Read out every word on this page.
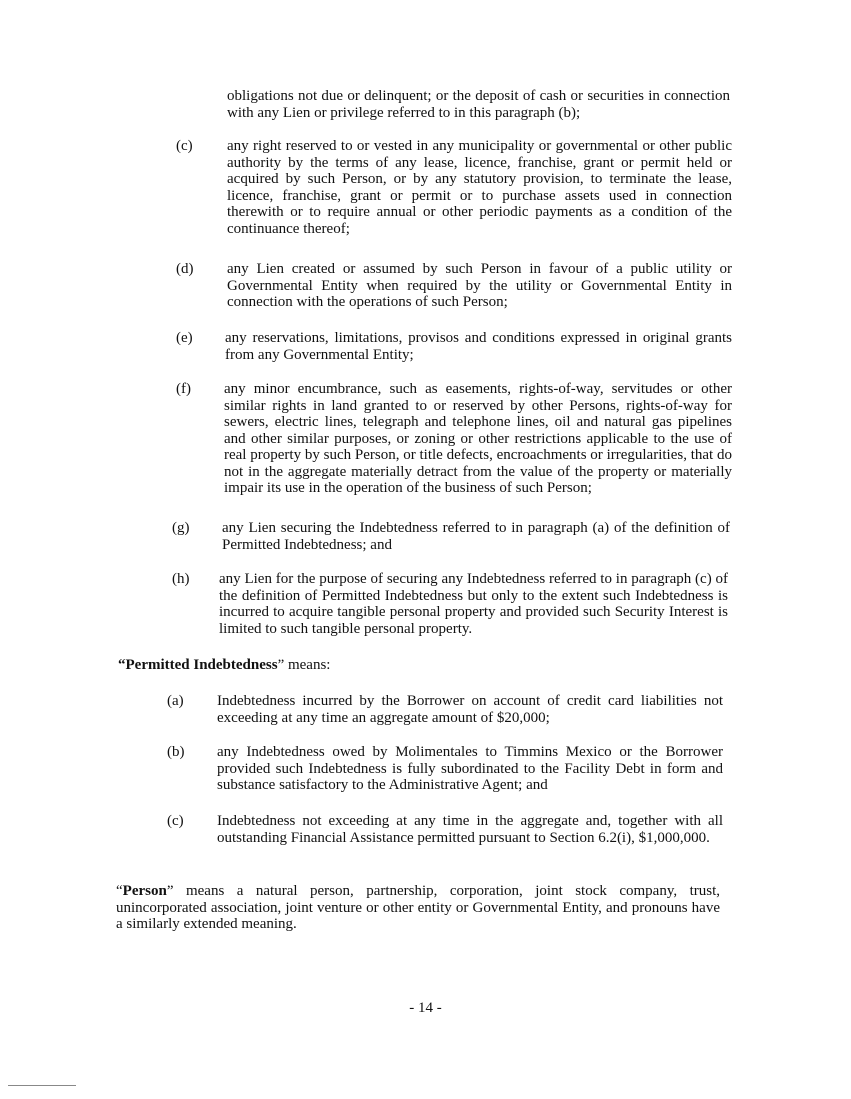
obligations not due or delinquent; or the deposit of cash or securities in connection with any Lien or privilege referred to in this paragraph (b);
(c) any right reserved to or vested in any municipality or governmental or other public authority by the terms of any lease, licence, franchise, grant or permit held or acquired by such Person, or by any statutory provision, to terminate the lease, licence, franchise, grant or permit or to purchase assets used in connection therewith or to require annual or other periodic payments as a condition of the continuance thereof;
(d) any Lien created or assumed by such Person in favour of a public utility or Governmental Entity when required by the utility or Governmental Entity in connection with the operations of such Person;
(e) any reservations, limitations, provisos and conditions expressed in original grants from any Governmental Entity;
(f) any minor encumbrance, such as easements, rights-of-way, servitudes or other similar rights in land granted to or reserved by other Persons, rights-of-way for sewers, electric lines, telegraph and telephone lines, oil and natural gas pipelines and other similar purposes, or zoning or other restrictions applicable to the use of real property by such Person, or title defects, encroachments or irregularities, that do not in the aggregate materially detract from the value of the property or materially impair its use in the operation of the business of such Person;
(g) any Lien securing the Indebtedness referred to in paragraph (a) of the definition of Permitted Indebtedness; and
(h) any Lien for the purpose of securing any Indebtedness referred to in paragraph (c) of the definition of Permitted Indebtedness but only to the extent such Indebtedness is incurred to acquire tangible personal property and provided such Security Interest is limited to such tangible personal property.
“Permitted Indebtedness” means:
(a) Indebtedness incurred by the Borrower on account of credit card liabilities not exceeding at any time an aggregate amount of $20,000;
(b) any Indebtedness owed by Molimentales to Timmins Mexico or the Borrower provided such Indebtedness is fully subordinated to the Facility Debt in form and substance satisfactory to the Administrative Agent; and
(c) Indebtedness not exceeding at any time in the aggregate and, together with all outstanding Financial Assistance permitted pursuant to Section 6.2(i), $1,000,000.
“Person” means a natural person, partnership, corporation, joint stock company, trust, unincorporated association, joint venture or other entity or Governmental Entity, and pronouns have a similarly extended meaning.
- 14 -
